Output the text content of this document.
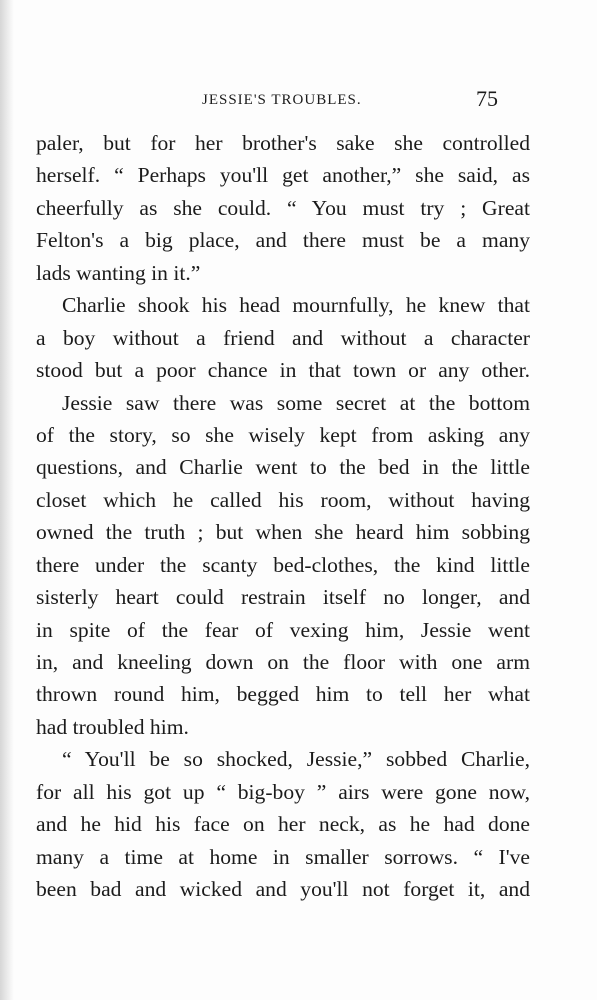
JESSIE'S TROUBLES.	75
paler, but for her brother's sake she controlled
herself. “ Perhaps you'll get another,” she said, as
cheerfully as she could. “ You must try ; Great
Felton's a big place, and there must be a many
lads wanting in it.”
Charlie shook his head mournfully, he knew that
a boy without a friend and without a character
stood but a poor chance in that town or any other.
Jessie saw there was some secret at the bottom
of the story, so she wisely kept from asking any
questions, and Charlie went to the bed in the little
closet which he called his room, without having
owned the truth ; but when she heard him sobbing
there under the scanty bed-clothes, the kind little
sisterly heart could restrain itself no longer, and
in spite of the fear of vexing him, Jessie went
in, and kneeling down on the floor with one arm
thrown round him, begged him to tell her what
had troubled him.
“ You'll be so shocked, Jessie,” sobbed Charlie,
for all his got up “ big-boy ” airs were gone now,
and he hid his face on her neck, as he had done
many a time at home in smaller sorrows. “ I've
been bad and wicked and you'll not forget it, and
